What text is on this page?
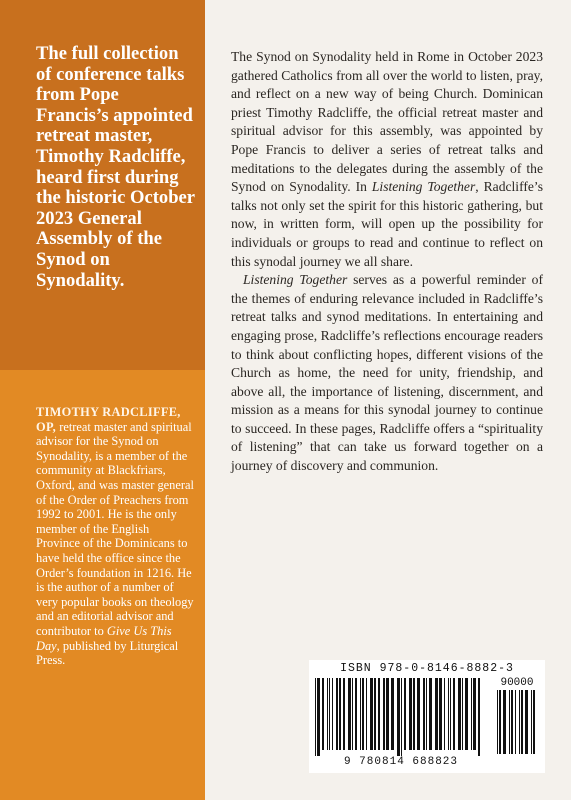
The full collection of conference talks from Pope Francis’s appointed retreat master, Timothy Radcliffe, heard first during the historic October 2023 General Assembly of the Synod on Synodality.

TIMOTHY RADCLIFFE, OP, retreat master and spiritual advisor for the Synod on Synodality, is a member of the community at Blackfriars, Oxford, and was master general of the Order of Preachers from 1992 to 2001. He is the only member of the English Province of the Dominicans to have held the office since the Order’s foundation in 1216. He is the author of a number of very popular books on theology and an editorial advisor and contributor to Give Us This Day, published by Liturgical Press.

The Synod on Synodality held in Rome in October 2023 gathered Catholics from all over the world to listen, pray, and reflect on a new way of being Church. Dominican priest Timothy Radcliffe, the official retreat master and spiritual advisor for this assembly, was appointed by Pope Francis to deliver a series of retreat talks and meditations to the delegates during the assembly of the Synod on Synodality. In Listening Together, Radcliffe’s talks not only set the spirit for this historic gathering, but now, in written form, will open up the possibility for individuals or groups to read and continue to reflect on this synodal journey we all share.

Listening Together serves as a powerful reminder of the themes of enduring relevance included in Radcliffe’s retreat talks and synod meditations. In entertaining and engaging prose, Radcliffe’s reflections encourage readers to think about conflicting hopes, different visions of the Church as home, the need for unity, friendship, and above all, the importance of listening, discernment, and mission as a means for this synodal journey to continue to succeed. In these pages, Radcliffe offers a “spirituality of listening” that can take us forward together on a journey of discovery and communion.

ISBN 978-0-8146-8882-3
90000
9 780814 688823
